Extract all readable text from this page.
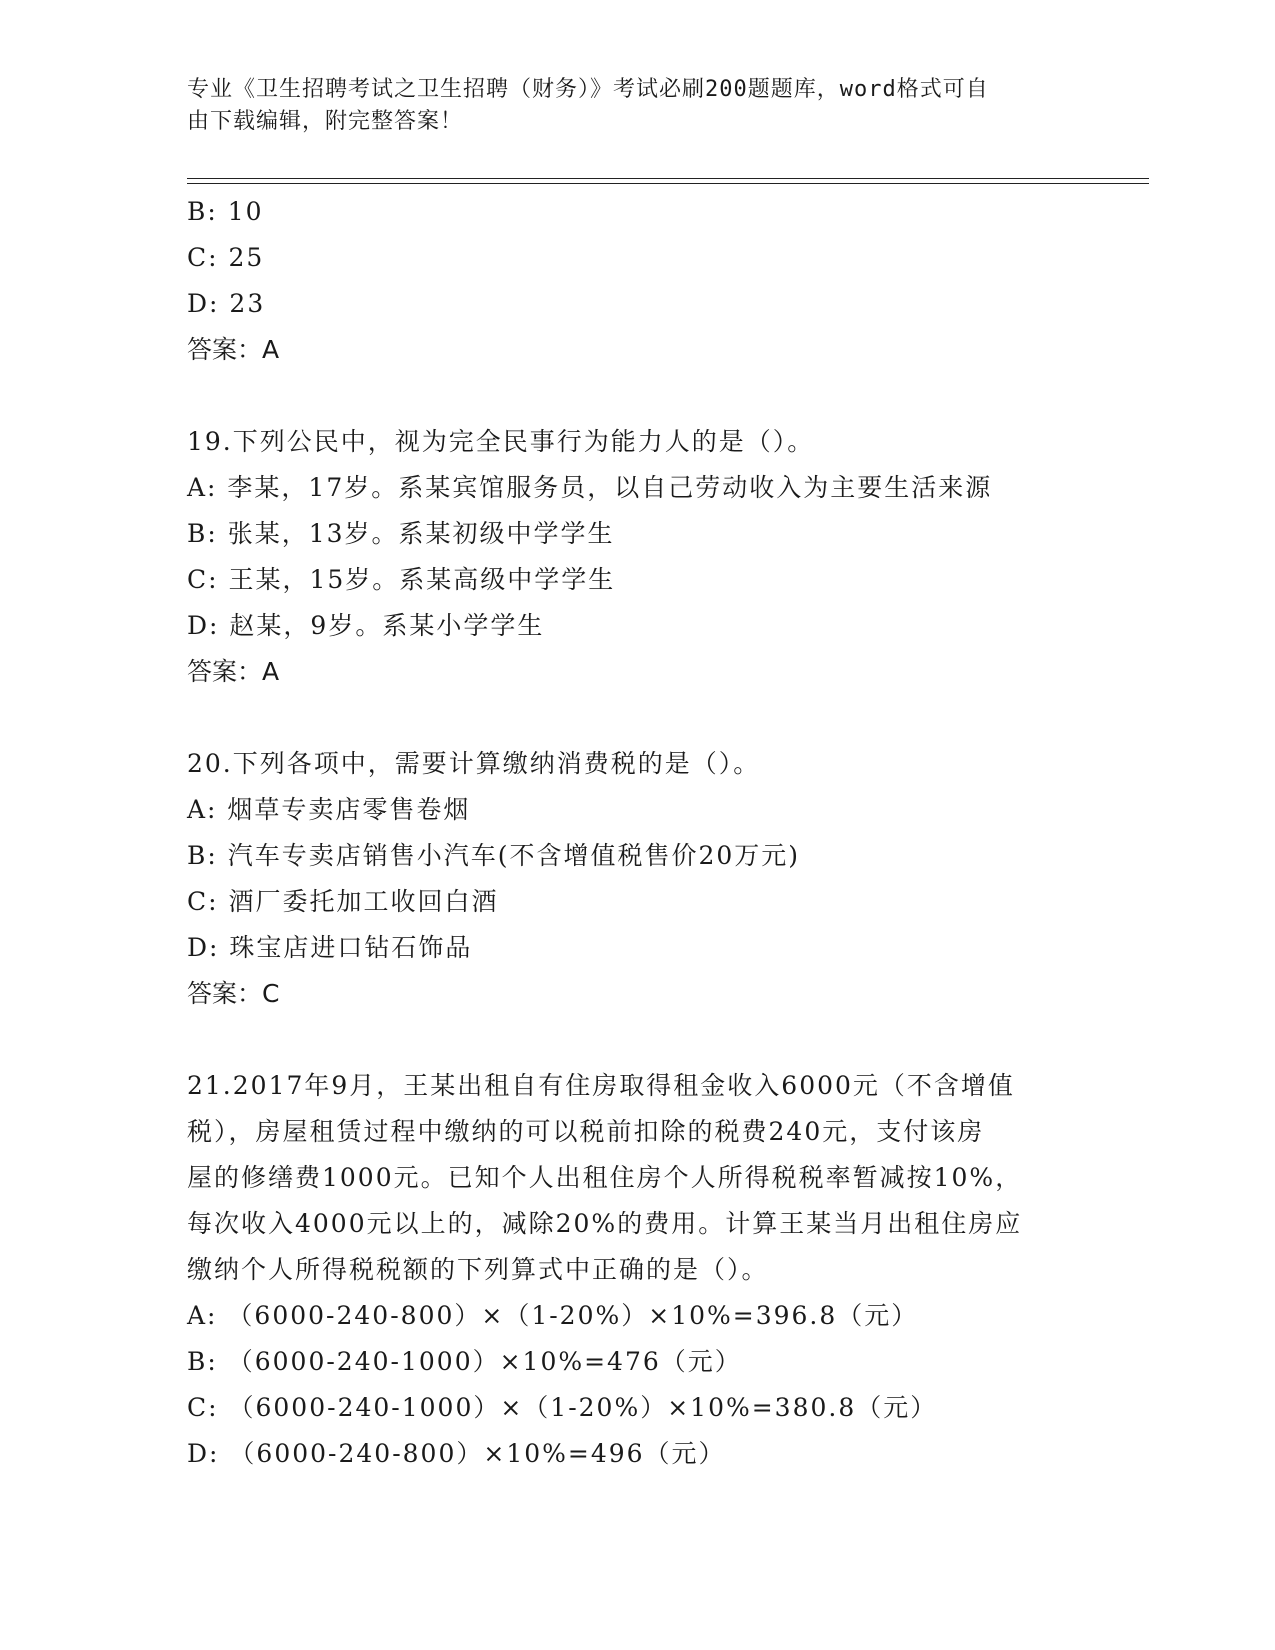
专业《卫生招聘考试之卫生招聘（财务）》考试必刷200题题库，word格式可自
由下载编辑，附完整答案！
B: 10
C: 25
D: 23
答案：A
19.下列公民中，视为完全民事行为能力人的是（）。
A: 李某，17岁。系某宾馆服务员，以自己劳动收入为主要生活来源
B: 张某，13岁。系某初级中学学生
C: 王某，15岁。系某高级中学学生
D: 赵某，9岁。系某小学学生
答案：A
20.下列各项中，需要计算缴纳消费税的是（）。
A: 烟草专卖店零售卷烟
B: 汽车专卖店销售小汽车(不含增值税售价20万元)
C: 酒厂委托加工收回白酒
D: 珠宝店进口钻石饰品
答案：C
21.2017年9月，王某出租自有住房取得租金收入6000元（不含增值
税），房屋租赁过程中缴纳的可以税前扣除的税费240元，支付该房
屋的修缮费1000元。已知个人出租住房个人所得税税率暂减按10%，
每次收入4000元以上的，减除20%的费用。计算王某当月出租住房应
缴纳个人所得税税额的下列算式中正确的是（）。
A: （6000-240-800）×（1-20%）×10%=396.8（元）
B: （6000-240-1000）×10%=476（元）
C: （6000-240-1000）×（1-20%）×10%=380.8（元）
D: （6000-240-800）×10%=496（元）
